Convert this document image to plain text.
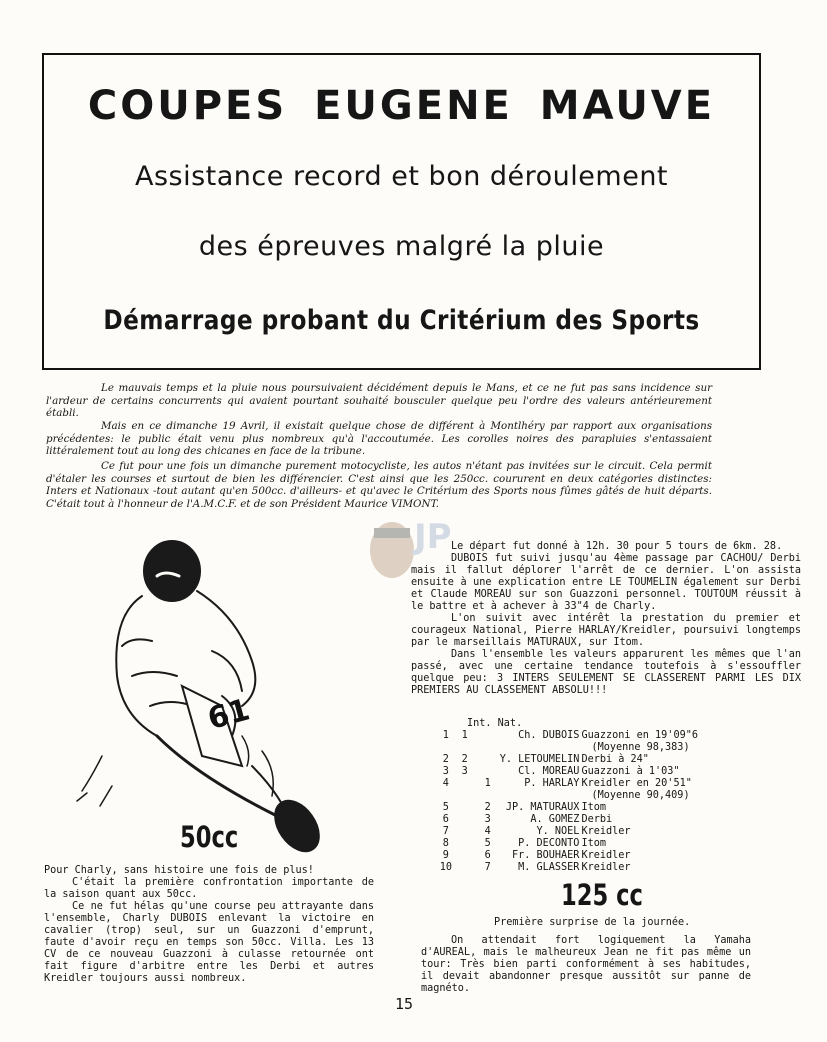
COUPES EUGENE MAUVE
Assistance record et bon déroulement
des épreuves malgré la pluie
Démarrage probant du Critérium des Sports

Le mauvais temps et la pluie nous poursuivaient décidément depuis le Mans, et ce ne fut pas sans incidence sur l'ardeur de certains concurrents qui avaient pourtant souhaité bousculer quelque peu l'ordre des valeurs antérieurement établi.

Mais en ce dimanche 19 Avril, il existait quelque chose de différent à Montlhéry par rapport aux organisations précédentes: le public était venu plus nombreux qu'à l'accoutumée. Les corolles noires des parapluies s'entassaient littéralement tout au long des chicanes en face de la tribune.

Ce fut pour une fois un dimanche purement motocycliste, les autos n'étant pas invitées sur le circuit. Cela permit d'étaler les courses et surtout de bien les différencier. C'est ainsi que les 250cc. coururent en deux catégories distinctes: Inters et Nationaux -tout autant qu'en 500cc. d'ailleurs- et qu'avec le Critérium des Sports nous fûmes gâtés de huit départs. C'était tout à l'honneur de l'A.M.C.F. et de son Président Maurice VIMONT.

JP
61
50cc

Pour Charly, sans histoire une fois de plus!

C'était la première confrontation importante de la saison quant aux 50cc.

Ce ne fut hélas qu'une course peu attrayante dans l'ensemble, Charly DUBOIS enlevant la victoire en cavalier (trop) seul, sur un Guazzoni d'emprunt, faute d'avoir reçu en temps son 50cc. Villa. Les 13 CV de ce nouveau Guazzoni à culasse retournée ont fait figure d'arbitre entre les Derbi et autres Kreidler toujours aussi nombreux.

Le départ fut donné à 12h. 30 pour 5 tours de 6km. 28.

DUBOIS fut suivi jusqu'au 4ème passage par CACHOU/ Derbi mais il fallut déplorer l'arrêt de ce dernier. L'on assista ensuite à une explication entre LE TOUMELIN également sur Derbi et Claude MOREAU sur son Guazzoni personnel. TOUTOUM réussit à le battre et à achever à 33"4 de Charly.

L'on suivit avec intérêt la prestation du premier et courageux National, Pierre HARLAY/Kreidler, poursuivi longtemps par le marseillais MATURAUX, sur Itom.

Dans l'ensemble les valeurs apparurent les mêmes que l'an passé, avec une certaine tendance toutefois à s'essouffler quelque peu: 3 INTERS SEULEMENT SE CLASSERENT PARMI LES DIX PREMIERS AU CLASSEMENT ABSOLU!!!

Int. Nat.
1	1		Ch. DUBOIS	Guazzoni en 19'09"6
				(Moyenne 98,383)
2	2		Y. LETOUMELIN	Derbi à 24"
3	3		Cl. MOREAU	Guazzoni à 1'03"
4		1	P. HARLAY	Kreidler en 20'51"
				(Moyenne 90,409)
5		2	JP. MATURAUX	Itom
6		3	A. GOMEZ	Derbi
7		4	Y. NOEL	Kreidler
8		5	P. DECONTO	Itom
9		6	Fr. BOUHAER	Kreidler
10		7	M. GLASSER	Kreidler
125 cc
Première surprise de la journée.
On attendait fort logiquement la Yamaha d'AUREAL, mais le malheureux Jean ne fit pas même un tour: Très bien parti conformément à ses habitudes, il devait abandonner presque aussitôt sur panne de magnéto.
15
